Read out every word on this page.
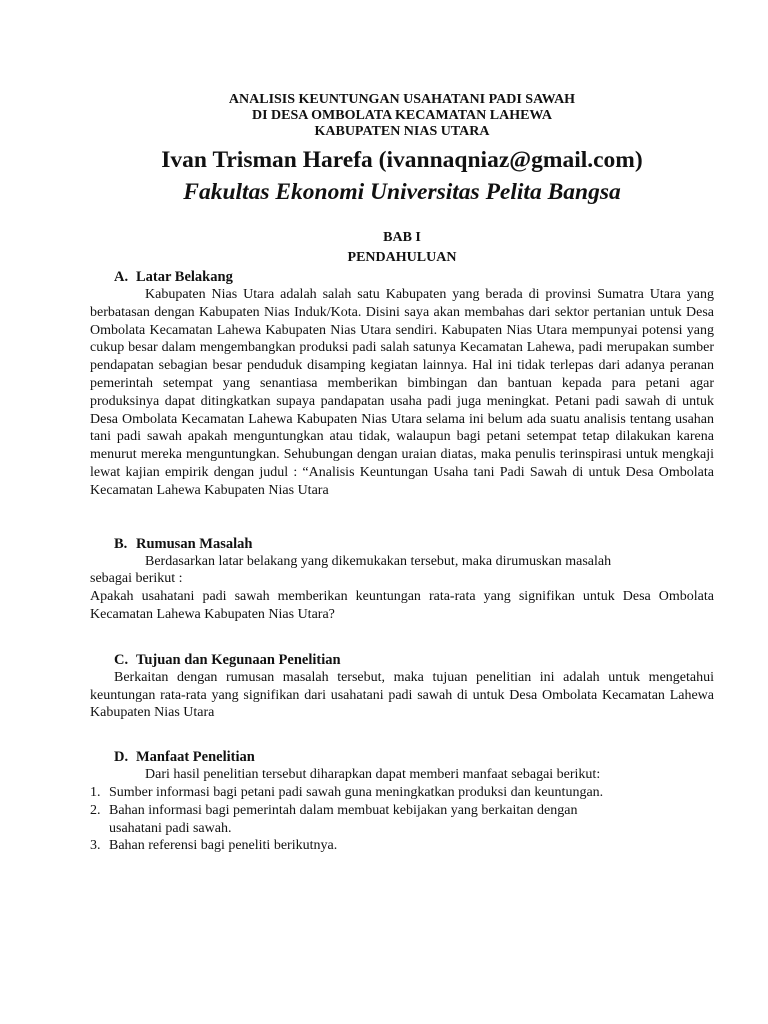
ANALISIS KEUNTUNGAN USAHATANI PADI SAWAH
DI DESA OMBOLATA KECAMATAN LAHEWA
KABUPATEN NIAS UTARA
Ivan Trisman Harefa (ivannaqniaz@gmail.com)
Fakultas Ekonomi Universitas Pelita Bangsa
BAB I
PENDAHULUAN
A. Latar Belakang

Kabupaten Nias Utara adalah salah satu Kabupaten yang berada di provinsi Sumatra Utara yang berbatasan dengan Kabupaten Nias Induk/Kota. Disini saya akan membahas dari sektor pertanian untuk Desa Ombolata Kecamatan Lahewa Kabupaten Nias Utara sendiri. Kabupaten Nias Utara mempunyai potensi yang cukup besar dalam mengembangkan produksi padi salah satunya Kecamatan Lahewa, padi merupakan sumber pendapatan sebagian besar penduduk disamping kegiatan lainnya. Hal ini tidak terlepas dari adanya peranan pemerintah setempat yang senantiasa memberikan bimbingan dan bantuan kepada para petani agar produksinya dapat ditingkatkan supaya pandapatan usaha padi juga meningkat. Petani padi sawah di untuk Desa Ombolata Kecamatan Lahewa Kabupaten Nias Utara selama ini belum ada suatu analisis tentang usahan tani padi sawah apakah menguntungkan atau tidak, walaupun bagi petani setempat tetap dilakukan karena menurut mereka menguntungkan. Sehubungan dengan uraian diatas, maka penulis terinspirasi untuk mengkaji lewat kajian empirik dengan judul : “Analisis Keuntungan Usaha tani Padi Sawah di untuk Desa Ombolata Kecamatan Lahewa Kabupaten Nias Utara

B. Rumusan Masalah

Berdasarkan latar belakang yang dikemukakan tersebut, maka dirumuskan masalah

sebagai berikut :

Apakah usahatani padi sawah memberikan keuntungan rata-rata yang signifikan untuk Desa Ombolata Kecamatan Lahewa Kabupaten Nias Utara?

C. Tujuan dan Kegunaan Penelitian

Berkaitan dengan rumusan masalah tersebut, maka tujuan penelitian ini adalah untuk mengetahui keuntungan rata-rata yang signifikan dari usahatani padi sawah di untuk Desa Ombolata Kecamatan Lahewa Kabupaten Nias Utara

D. Manfaat Penelitian

Dari hasil penelitian tersebut diharapkan dapat memberi manfaat sebagai berikut:

1. Sumber informasi bagi petani padi sawah guna meningkatkan produksi dan keuntungan.
2. Bahan informasi bagi pemerintah dalam membuat kebijakan yang berkaitan dengan
usahatani padi sawah.
3. Bahan referensi bagi peneliti berikutnya.
